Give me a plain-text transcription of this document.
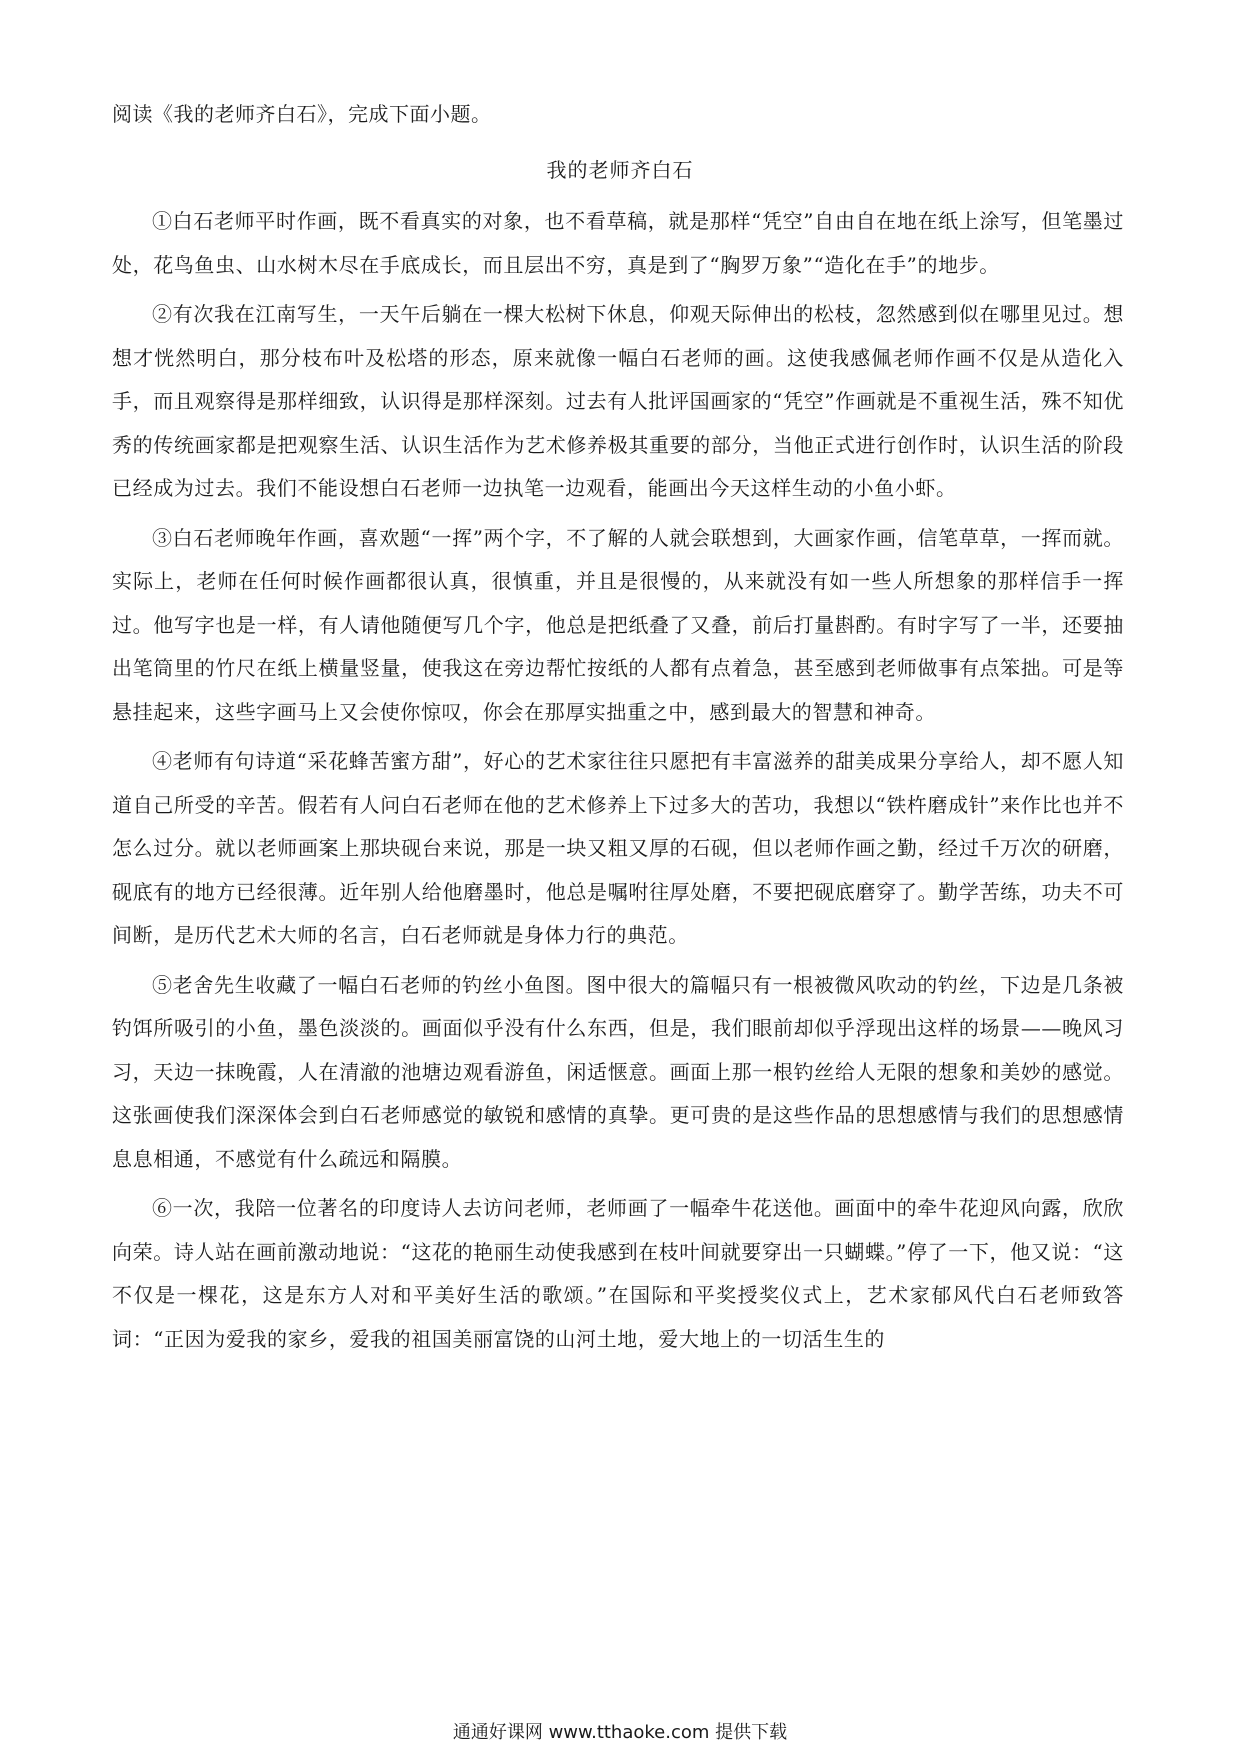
阅读《我的老师齐白石》，完成下面小题。
我的老师齐白石

①白石老师平时作画，既不看真实的对象，也不看草稿，就是那样“凭空”自由自在地在纸上涂写，但笔墨过处，花鸟鱼虫、山水树木尽在手底成长，而且层出不穷，真是到了“胸罗万象”“造化在手”的地步。

②有次我在江南写生，一天午后躺在一棵大松树下休息，仰观天际伸出的松枝，忽然感到似在哪里见过。想想才恍然明白，那分枝布叶及松塔的形态，原来就像一幅白石老师的画。这使我感佩老师作画不仅是从造化入手，而且观察得是那样细致，认识得是那样深刻。过去有人批评国画家的“凭空”作画就是不重视生活，殊不知优秀的传统画家都是把观察生活、认识生活作为艺术修养极其重要的部分，当他正式进行创作时，认识生活的阶段已经成为过去。我们不能设想白石老师一边执笔一边观看，能画出今天这样生动的小鱼小虾。

③白石老师晚年作画，喜欢题“一挥”两个字，不了解的人就会联想到，大画家作画，信笔草草，一挥而就。实际上，老师在任何时候作画都很认真，很慎重，并且是很慢的，从来就没有如一些人所想象的那样信手一挥过。他写字也是一样，有人请他随便写几个字，他总是把纸叠了又叠，前后打量斟酌。有时字写了一半，还要抽出笔筒里的竹尺在纸上横量竖量，使我这在旁边帮忙按纸的人都有点着急，甚至感到老师做事有点笨拙。可是等悬挂起来，这些字画马上又会使你惊叹，你会在那厚实拙重之中，感到最大的智慧和神奇。

④老师有句诗道“采花蜂苦蜜方甜”，好心的艺术家往往只愿把有丰富滋养的甜美成果分享给人，却不愿人知道自己所受的辛苦。假若有人问白石老师在他的艺术修养上下过多大的苦功，我想以“铁杵磨成针”来作比也并不怎么过分。就以老师画案上那块砚台来说，那是一块又粗又厚的石砚，但以老师作画之勤，经过千万次的研磨，砚底有的地方已经很薄。近年别人给他磨墨时，他总是嘱咐往厚处磨，不要把砚底磨穿了。勤学苦练，功夫不可间断，是历代艺术大师的名言，白石老师就是身体力行的典范。

⑤老舍先生收藏了一幅白石老师的钓丝小鱼图。图中很大的篇幅只有一根被微风吹动的钓丝，下边是几条被钓饵所吸引的小鱼，墨色淡淡的。画面似乎没有什么东西，但是，我们眼前却似乎浮现出这样的场景——晚风习习，天边一抹晚霞，人在清澈的池塘边观看游鱼，闲适惬意。画面上那一根钓丝给人无限的想象和美妙的感觉。这张画使我们深深体会到白石老师感觉的敏锐和感情的真挚。更可贵的是这些作品的思想感情与我们的思想感情息息相通，不感觉有什么疏远和隔膜。

⑥一次，我陪一位著名的印度诗人去访问老师，老师画了一幅牵牛花送他。画面中的牵牛花迎风向露，欣欣向荣。诗人站在画前激动地说：“这花的艳丽生动使我感到在枝叶间就要穿出一只蝴蝶。”停了一下，他又说：“这不仅是一棵花，这是东方人对和平美好生活的歌颂。”在国际和平奖授奖仪式上，艺术家郁风代白石老师致答词：“正因为爱我的家乡，爱我的祖国美丽富饶的山河土地，爱大地上的一切活生生的

通通好课网 www.tthaoke.com 提供下载
